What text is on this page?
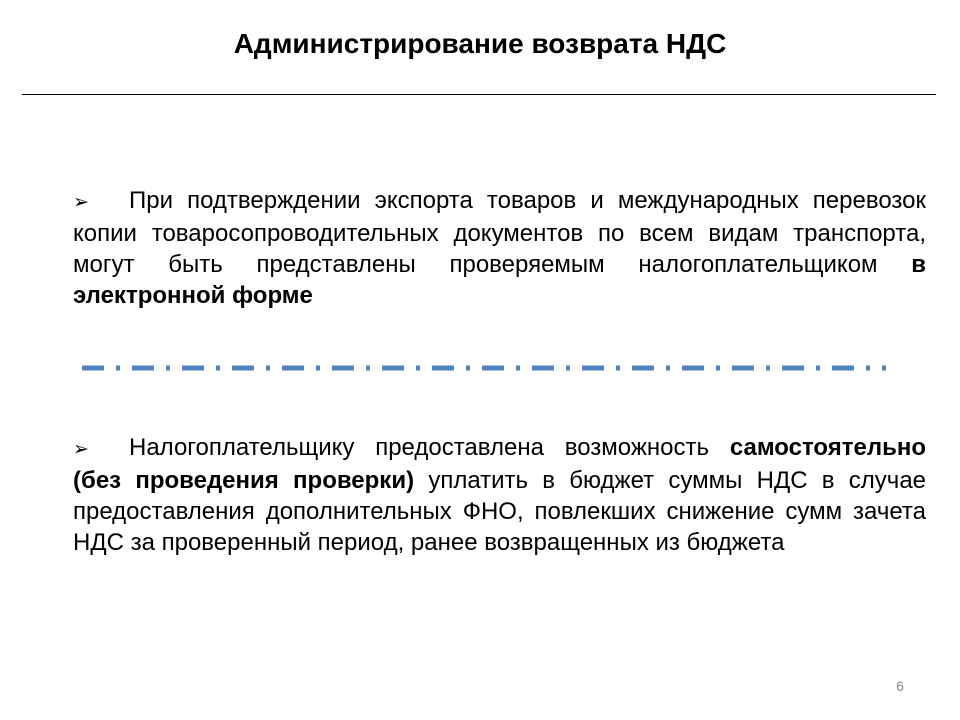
Администрирование возврата НДС
➢ При подтверждении экспорта товаров и международных перевозок копии товаросопроводительных документов по всем видам транспорта, могут быть представлены проверяемым налогоплательщиком в электронной форме
➢ Налогоплательщику предоставлена возможность самостоятельно (без проведения проверки) уплатить в бюджет суммы НДС в случае предоставления дополнительных ФНО, повлекших снижение сумм зачета НДС за проверенный период, ранее возвращенных из бюджета
6
